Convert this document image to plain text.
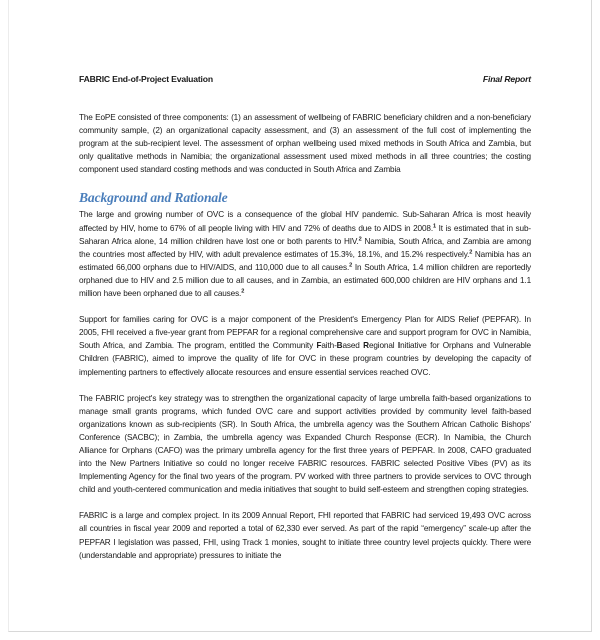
FABRIC End-of-Project Evaluation	Final Report

The EoPE consisted of three components: (1) an assessment of wellbeing of FABRIC beneficiary children and a non-beneficiary community sample, (2) an organizational capacity assessment, and (3) an assessment of the full cost of implementing the program at the sub-recipient level. The assessment of orphan wellbeing used mixed methods in South Africa and Zambia, but only qualitative methods in Namibia; the organizational assessment used mixed methods in all three countries; the costing component used standard costing methods and was conducted in South Africa and Zambia

Background and Rationale

The large and growing number of OVC is a consequence of the global HIV pandemic. Sub-Saharan Africa is most heavily affected by HIV, home to 67% of all people living with HIV and 72% of deaths due to AIDS in 2008.$^1$ It is estimated that in sub-Saharan Africa alone, 14 million children have lost one or both parents to HIV.$^2$ Namibia, South Africa, and Zambia are among the countries most affected by HIV, with adult prevalence estimates of 15.3%, 18.1%, and 15.2% respectively.$^2$ Namibia has an estimated 66,000 orphans due to HIV/AIDS, and 110,000 due to all causes.$^2$ In South Africa, 1.4 million children are reportedly orphaned due to HIV and 2.5 million due to all causes, and in Zambia, an estimated 600,000 children are HIV orphans and 1.1 million have been orphaned due to all causes.$^2$

Support for families caring for OVC is a major component of the President's Emergency Plan for AIDS Relief (PEPFAR). In 2005, FHI received a five-year grant from PEPFAR for a regional comprehensive care and support program for OVC in Namibia, South Africa, and Zambia. The program, entitled the Community Faith-Based Regional Initiative for Orphans and Vulnerable Children (FABRIC), aimed to improve the quality of life for OVC in these program countries by developing the capacity of implementing partners to effectively allocate resources and ensure essential services reached OVC.

The FABRIC project's key strategy was to strengthen the organizational capacity of large umbrella faith-based organizations to manage small grants programs, which funded OVC care and support activities provided by community level faith-based organizations known as sub-recipients (SR). In South Africa, the umbrella agency was the Southern African Catholic Bishops' Conference (SACBC); in Zambia, the umbrella agency was Expanded Church Response (ECR). In Namibia, the Church Alliance for Orphans (CAFO) was the primary umbrella agency for the first three years of PEPFAR. In 2008, CAFO graduated into the New Partners Initiative so could no longer receive FABRIC resources. FABRIC selected Positive Vibes (PV) as its Implementing Agency for the final two years of the program. PV worked with three partners to provide services to OVC through child and youth-centered communication and media initiatives that sought to build self-esteem and strengthen coping strategies.

FABRIC is a large and complex project. In its 2009 Annual Report, FHI reported that FABRIC had serviced 19,493 OVC across all countries in fiscal year 2009 and reported a total of 62,330 ever served. As part of the rapid “emergency” scale-up after the PEPFAR I legislation was passed, FHI, using Track 1 monies, sought to initiate three country level projects quickly. There were (understandable and appropriate) pressures to initiate the
